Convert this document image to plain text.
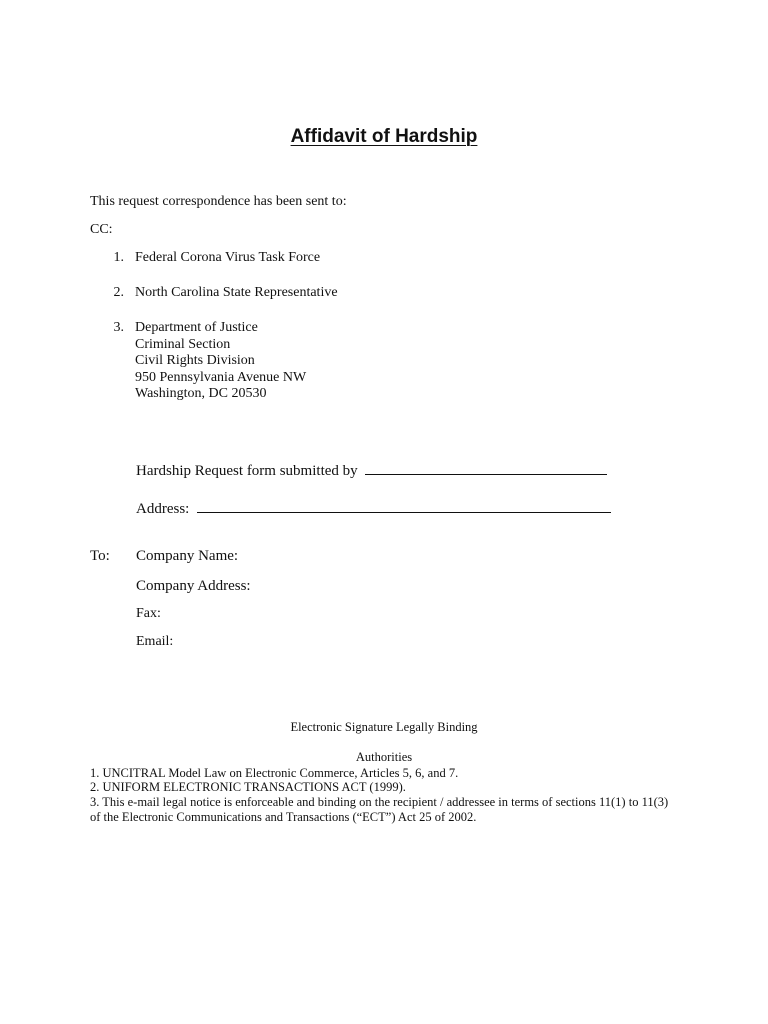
Affidavit of Hardship
This request correspondence has been sent to:
CC:
1. Federal Corona Virus Task Force
2. North Carolina State Representative
3. Department of Justice
Criminal Section
Civil Rights Division
950 Pennsylvania Avenue NW
Washington, DC 20530
Hardship Request form submitted by
Address:
To: Company Name:
Company Address:
Fax:
Email:
Electronic Signature Legally Binding
Authorities
1. UNCITRAL Model Law on Electronic Commerce, Articles 5, 6, and 7.
2. UNIFORM ELECTRONIC TRANSACTIONS ACT (1999).
3. This e-mail legal notice is enforceable and binding on the recipient / addressee in terms of sections 11(1) to 11(3)
of the Electronic Communications and Transactions (“ECT”) Act 25 of 2002.
